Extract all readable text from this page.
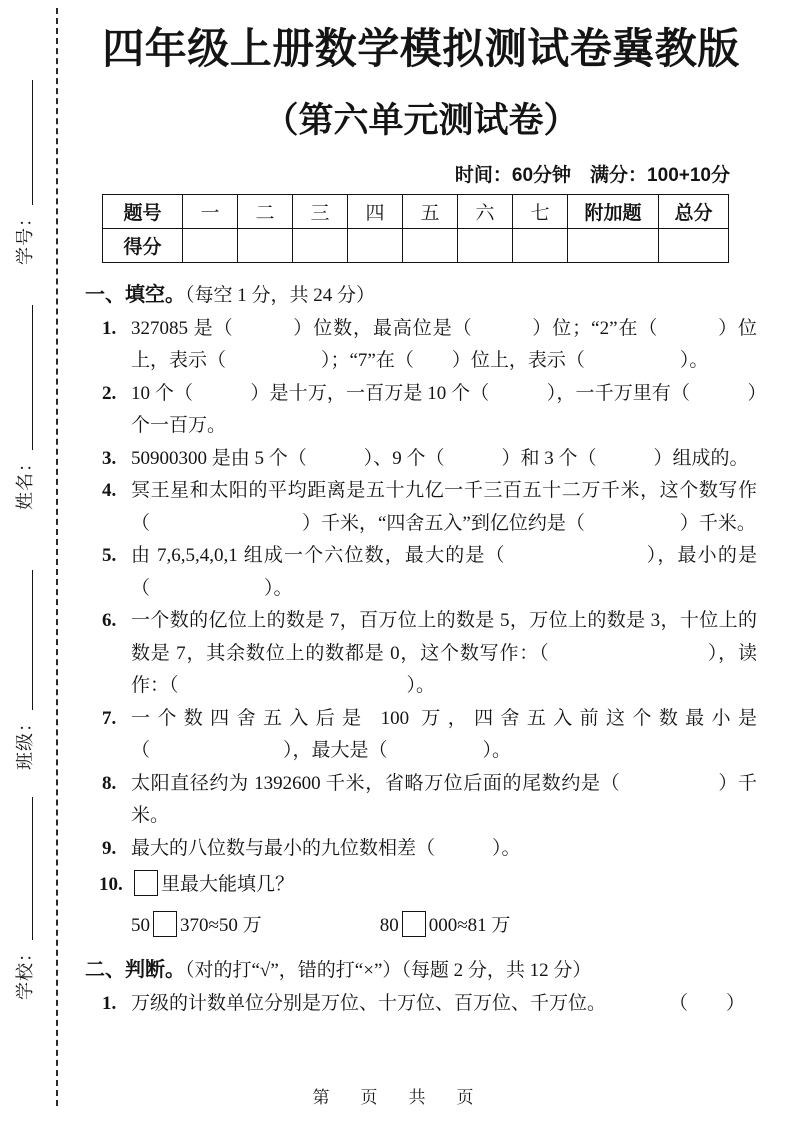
学号：
姓名：
班级：
学校：
四年级上册数学模拟测试卷冀教版
（第六单元测试卷）
时间：60分钟　满分：100+10分
题号	一	二	三	四	五	六	七	附加题	总分
得分									
一、填空。（每空 1 分，共 24 分）
1. 327085 是（　　　）位数，最高位是（　　　）位；“2”在（　　　）位上，表示（　　　　　）；“7”在（　　）位上，表示（　　　　　）。
2. 10 个（　　　）是十万，一百万是 10 个（　　　），一千万里有（　　　）个一百万。
3. 50900300 是由 5 个（　　　）、9 个（　　　）和 3 个（　　　）组成的。
4. 冥王星和太阳的平均距离是五十九亿一千三百五十二万千米，这个数写作（　　　　　　　　）千米，“四舍五入”到亿位约是（　　　　　）千米。
5. 由 7,6,5,4,0,1 组成一个六位数，最大的是（　　　　　　　），最小的是（　　　　　　）。
6. 一个数的亿位上的数是 7，百万位上的数是 5，万位上的数是 3，十位上的数是 7，其余数位上的数都是 0，这个数写作：（　　　　　　　　），读作：（　　　　　　　　　　　　）。
7. 一个数四舍五入后是 100 万，四舍五入前这个数最小是（　　　　　　　），最大是（　　　　　）。
8. 太阳直径约为 1392600 千米，省略万位后面的尾数约是（　　　　　）千米。
9. 最大的八位数与最小的九位数相差（　　　）。
10. 里最大能填几？
50 370≈50 万	80 000≈81 万
二、判断。（对的打“√”，错的打“×”）（每题 2 分，共 12 分）
1. 万级的计数单位分别是万位、十万位、百万位、千万位。	（　　）
第　页　共　页
